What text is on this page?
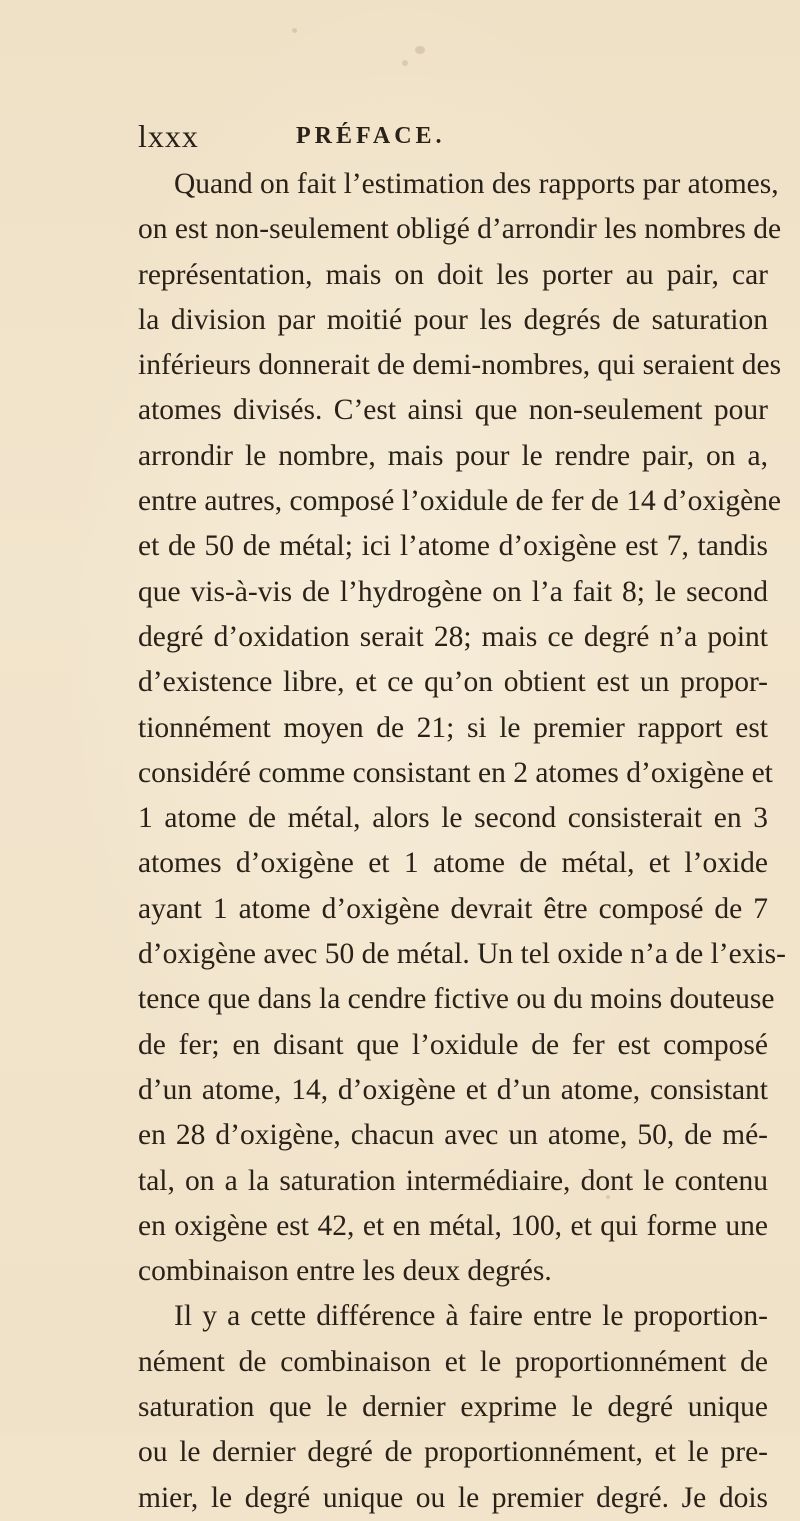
lxxx	PRÉFACE.
Quand on fait l’estimation des rapports par atomes,
on est non-seulement obligé d’arrondir les nombres de
représentation, mais on doit les porter au pair, car
la division par moitié pour les degrés de saturation
inférieurs donnerait de demi-nombres, qui seraient des
atomes divisés. C’est ainsi que non-seulement pour
arrondir le nombre, mais pour le rendre pair, on a,
entre autres, composé l’oxidule de fer de 14 d’oxigène
et de 50 de métal; ici l’atome d’oxigène est 7, tandis
que vis-à-vis de l’hydrogène on l’a fait 8; le second
degré d’oxidation serait 28; mais ce degré n’a point
d’existence libre, et ce qu’on obtient est un propor-
tionnément moyen de 21; si le premier rapport est
considéré comme consistant en 2 atomes d’oxigène et
1 atome de métal, alors le second consisterait en 3
atomes d’oxigène et 1 atome de métal, et l’oxide
ayant 1 atome d’oxigène devrait être composé de 7
d’oxigène avec 50 de métal. Un tel oxide n’a de l’exis-
tence que dans la cendre fictive ou du moins douteuse
de fer; en disant que l’oxidule de fer est composé
d’un atome, 14, d’oxigène et d’un atome, consistant
en 28 d’oxigène, chacun avec un atome, 50, de mé-
tal, on a la saturation intermédiaire, dont le contenu
en oxigène est 42, et en métal, 100, et qui forme une
combinaison entre les deux degrés.
Il y a cette différence à faire entre le proportion-
nément de combinaison et le proportionnément de
saturation que le dernier exprime le degré unique
ou le dernier degré de proportionnément, et le pre-
mier, le degré unique ou le premier degré. Je dois
